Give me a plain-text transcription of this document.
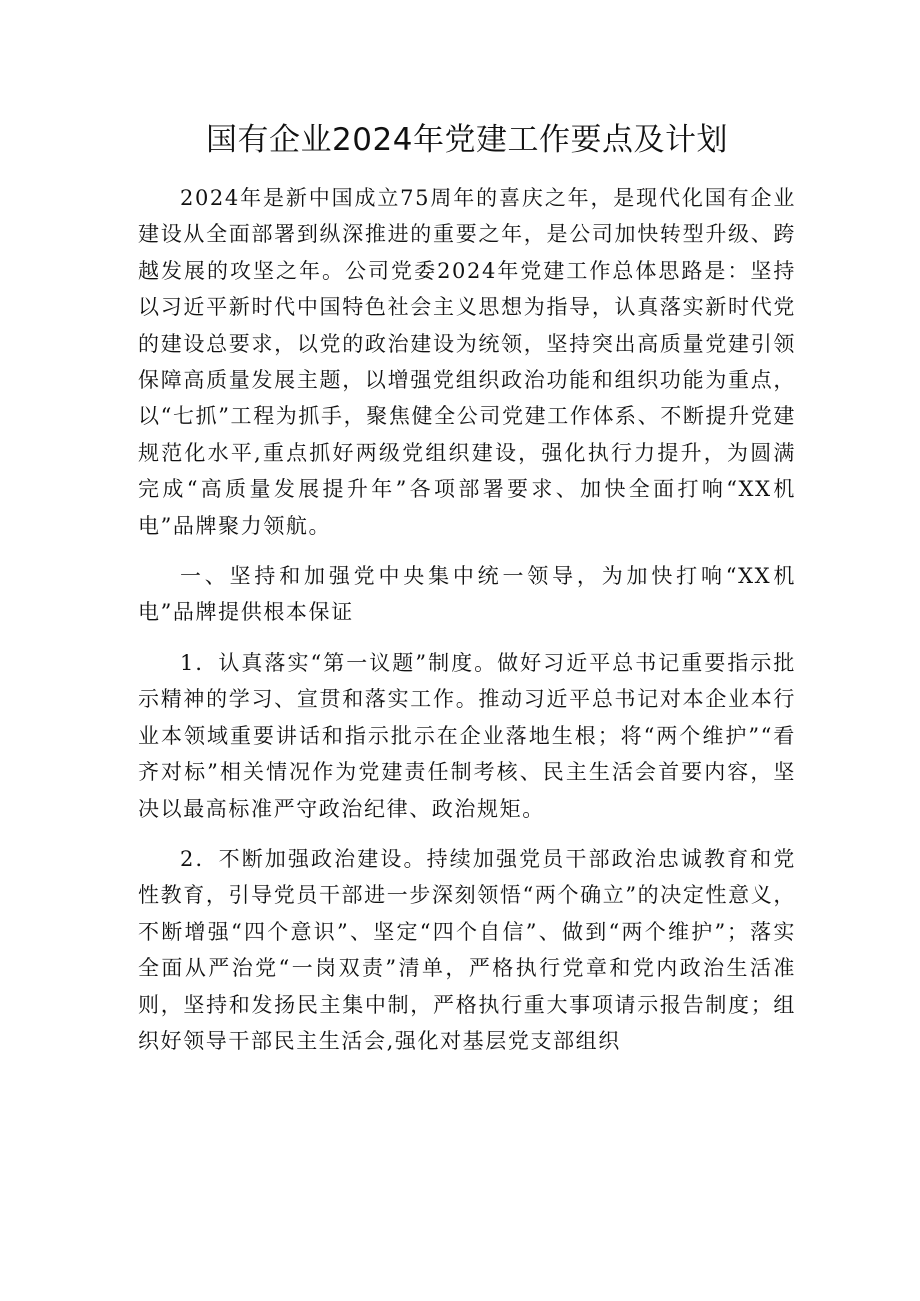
国有企业2024年党建工作要点及计划

2024年是新中国成立75周年的喜庆之年，是现代化国有企业建设从全面部署到纵深推进的重要之年，是公司加快转型升级、跨越发展的攻坚之年。公司党委2024年党建工作总体思路是：坚持以习近平新时代中国特色社会主义思想为指导，认真落实新时代党的建设总要求，以党的政治建设为统领，坚持突出高质量党建引领保障高质量发展主题，以增强党组织政治功能和组织功能为重点，以“七抓”工程为抓手，聚焦健全公司党建工作体系、不断提升党建规范化水平,重点抓好两级党组织建设，强化执行力提升，为圆满完成“高质量发展提升年”各项部署要求、加快全面打响“XX机电”品牌聚力领航。

一、坚持和加强党中央集中统一领导，为加快打响“XX机电”品牌提供根本保证

1．认真落实“第一议题”制度。做好习近平总书记重要指示批示精神的学习、宣贯和落实工作。推动习近平总书记对本企业本行业本领域重要讲话和指示批示在企业落地生根；将“两个维护”“看齐对标”相关情况作为党建责任制考核、民主生活会首要内容，坚决以最高标准严守政治纪律、政治规矩。

2．不断加强政治建设。持续加强党员干部政治忠诚教育和党性教育，引导党员干部进一步深刻领悟“两个确立”的决定性意义，不断增强“四个意识”、坚定“四个自信”、做到“两个维护”；落实全面从严治党“一岗双责”清单，严格执行党章和党内政治生活准则，坚持和发扬民主集中制，严格执行重大事项请示报告制度；组织好领导干部民主生活会,强化对基层党支部组织
